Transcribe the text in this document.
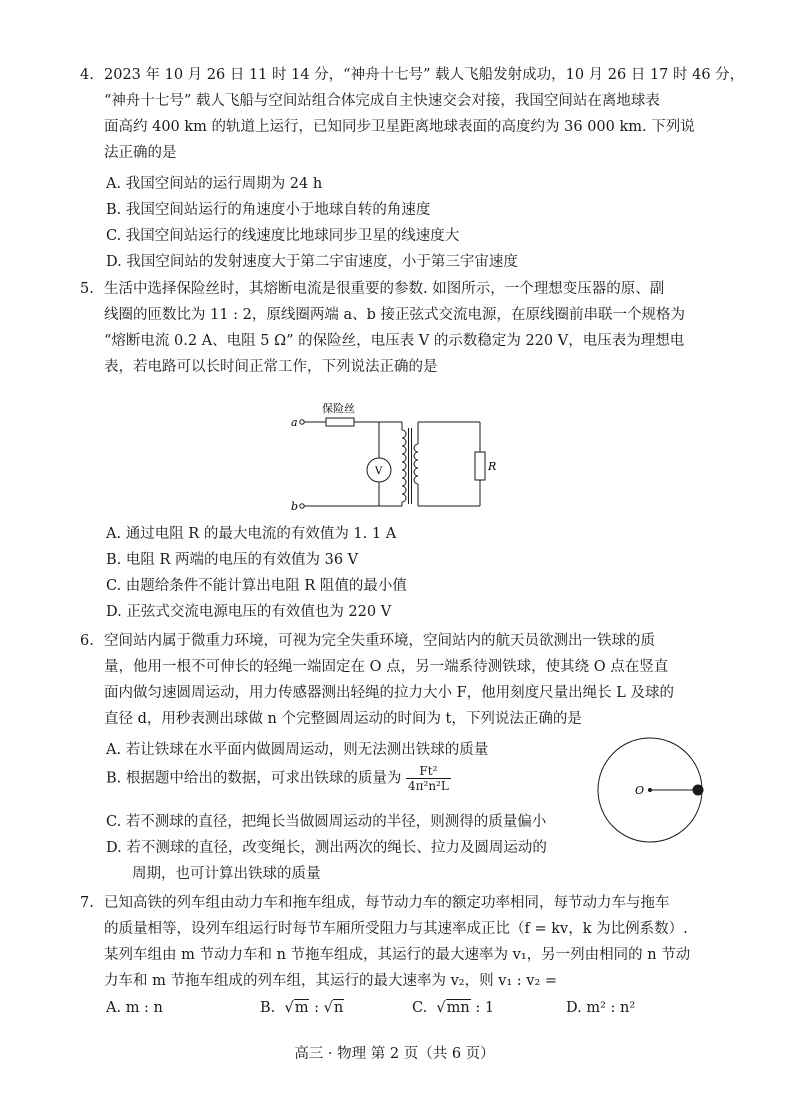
4. 2023 年 10 月 26 日 11 时 14 分，“神舟十七号” 载人飞船发射成功，10 月 26 日 17 时 46 分，
“神舟十七号” 载人飞船与空间站组合体完成自主快速交会对接，我国空间站在离地球表
面高约 400 km 的轨道上运行，已知同步卫星距离地球表面的高度约为 36 000 km. 下列说
法正确的是
A. 我国空间站的运行周期为 24 h
B. 我国空间站运行的角速度小于地球自转的角速度
C. 我国空间站运行的线速度比地球同步卫星的线速度大
D. 我国空间站的发射速度大于第二宇宙速度，小于第三宇宙速度
5. 生活中选择保险丝时，其熔断电流是很重要的参数. 如图所示，一个理想变压器的原、副
线圈的匝数比为 11 : 2，原线圈两端 a、b 接正弦式交流电源，在原线圈前串联一个规格为
“熔断电流 0.2 A、电阻 5 Ω” 的保险丝，电压表 V 的示数稳定为 220 V，电压表为理想电
表，若电路可以长时间正常工作，下列说法正确的是
a
b
保险丝
V	R
A. 通过电阻 R 的最大电流的有效值为 1. 1 A
B. 电阻 R 两端的电压的有效值为 36 V
C. 由题给条件不能计算出电阻 R 阻值的最小值
D. 正弦式交流电源电压的有效值也为 220 V
6. 空间站内属于微重力环境，可视为完全失重环境，空间站内的航天员欲测出一铁球的质
量，他用一根不可伸长的轻绳一端固定在 O 点，另一端系待测铁球，使其绕 O 点在竖直
面内做匀速圆周运动，用力传感器测出轻绳的拉力大小 F，他用刻度尺量出绳长 L 及球的
直径 d，用秒表测出球做 n 个完整圆周运动的时间为 t，下列说法正确的是
A. 若让铁球在水平面内做圆周运动，则无法测出铁球的质量
B. 根据题中给出的数据，可求出铁球的质量为 $\frac{\text{Ft²}}{\text{4π²n²L}}$
C. 若不测球的直径，把绳长当做圆周运动的半径，则测得的质量偏小
D. 若不测球的直径，改变绳长，测出两次的绳长、拉力及圆周运动的
周期，也可计算出铁球的质量
O
7. 已知高铁的列车组由动力车和拖车组成，每节动力车的额定功率相同，每节动力车与拖车
的质量相等，设列车组运行时每节车厢所受阻力与其速率成正比（f = kv，k 为比例系数）.
某列车组由 m 节动力车和 n 节拖车组成，其运行的最大速率为 v₁，另一列由相同的 n 节动
力车和 m 节拖车组成的列车组，其运行的最大速率为 v₂，则 v₁ : v₂ =
A. m : n	B.  √m : √n	C.  √mn : 1	D. m² : n²
高三 · 物理 第 2 页（共 6 页）
